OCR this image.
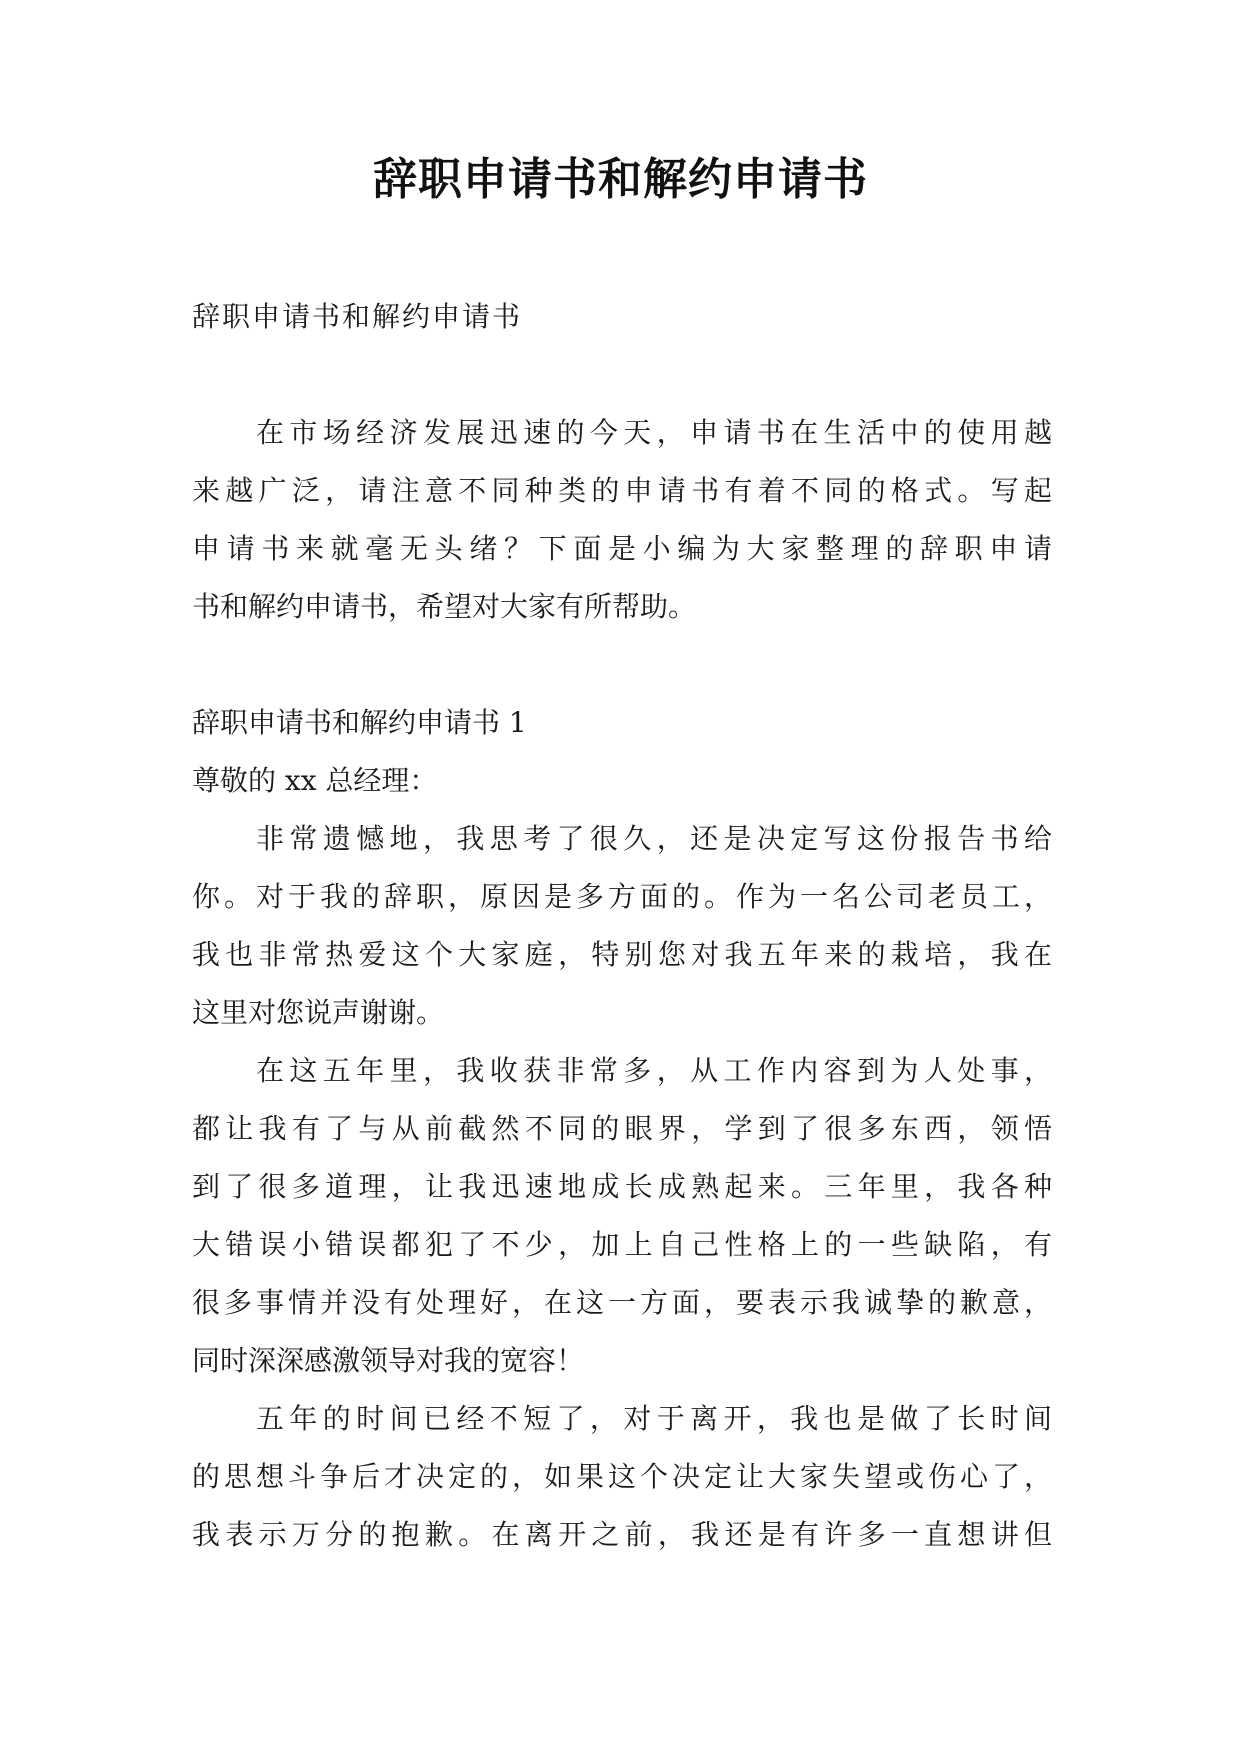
辞职申请书和解约申请书
辞职申请书和解约申请书
在市场经济发展迅速的今天，申请书在生活中的使用越
来越广泛，请注意不同种类的申请书有着不同的格式。写起
申请书来就毫无头绪？下面是小编为大家整理的辞职申请
书和解约申请书，希望对大家有所帮助。
辞职申请书和解约申请书 1
尊敬的 xx 总经理：
非常遗憾地，我思考了很久，还是决定写这份报告书给
你。对于我的辞职，原因是多方面的。作为一名公司老员工，
我也非常热爱这个大家庭，特别您对我五年来的栽培，我在
这里对您说声谢谢。
在这五年里，我收获非常多，从工作内容到为人处事，
都让我有了与从前截然不同的眼界，学到了很多东西，领悟
到了很多道理，让我迅速地成长成熟起来。三年里，我各种
大错误小错误都犯了不少，加上自己性格上的一些缺陷，有
很多事情并没有处理好，在这一方面，要表示我诚挚的歉意，
同时深深感激领导对我的宽容！
五年的时间已经不短了，对于离开，我也是做了长时间
的思想斗争后才决定的，如果这个决定让大家失望或伤心了，
我表示万分的抱歉。在离开之前，我还是有许多一直想讲但
